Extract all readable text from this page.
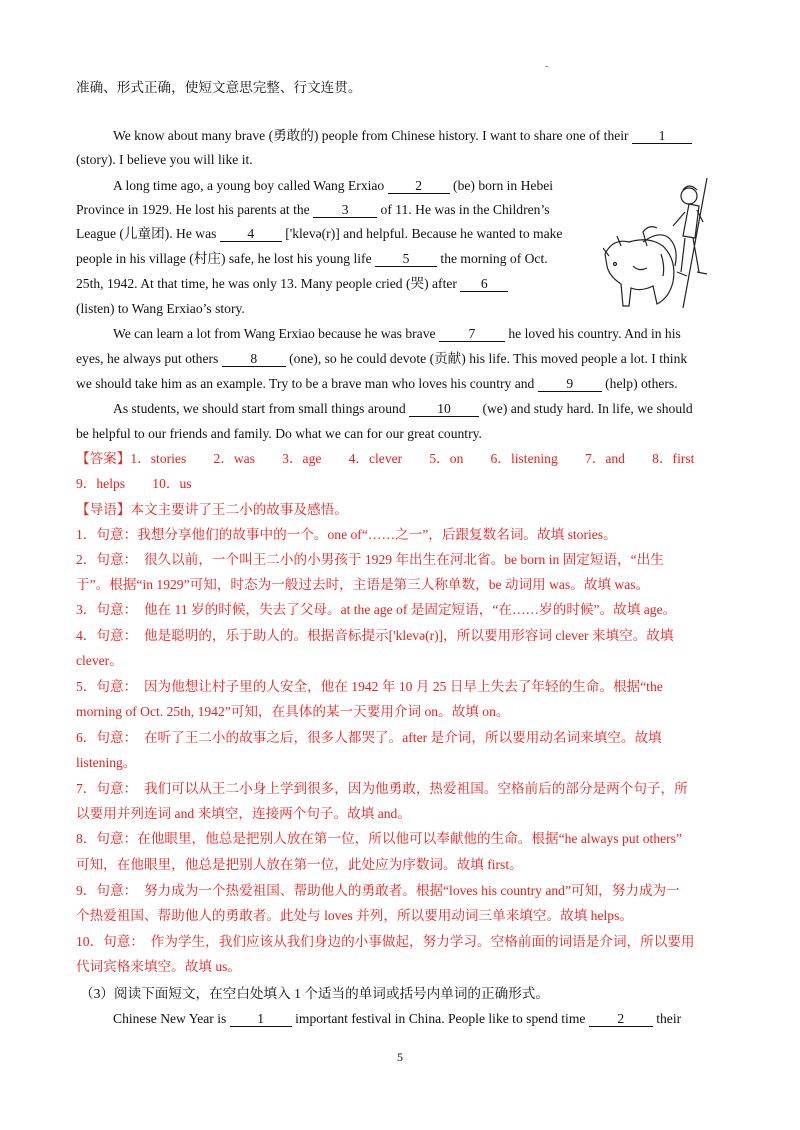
准确、形式正确，使短文意思完整、行文连贯。
We know about many brave (勇敢的) people from Chinese history. I want to share one of their 1
(story). I believe you will like it.
A long time ago, a young boy called Wang Erxiao 2 (be) born in Hebei
Province in 1929. He lost his parents at the 3 of 11. He was in the Children’s
League (儿童团). He was 4 ['klevə(r)] and helpful. Because he wanted to make
people in his village (村庄) safe, he lost his young life 5 the morning of Oct.
25th, 1942. At that time, he was only 13. Many people cried (哭) after 6
(listen) to Wang Erxiao’s story.
We can learn a lot from Wang Erxiao because he was brave 7 he loved his country. And in his
eyes, he always put others 8 (one), so he could devote (贡献) his life. This moved people a lot. I think
we should take him as an example. Try to be a brave man who loves his country and 9 (help) others.
As students, we should start from small things around 10 (we) and study hard. In life, we should
be helpful to our friends and family. Do what we can for our great country.
【答案】1．stories　　2．was　　3．age　　4．clever　　5．on　　6．listening　　7．and　　8．first
9．helps　　10．us
【导语】本文主要讲了王二小的故事及感悟。
1．句意：我想分享他们的故事中的一个。one of“……之一”，后跟复数名词。故填 stories。
2．句意：　很久以前，一个叫王二小的小男孩于 1929 年出生在河北省。be born in 固定短语，“出生
于”。根据“in 1929”可知，时态为一般过去时，主语是第三人称单数，be 动词用 was。故填 was。
3．句意：　他在 11 岁的时候，失去了父母。at the age of 是固定短语，“在……岁的时候”。故填 age。
4．句意：　他是聪明的，乐于助人的。根据音标提示['klevə(r)]，所以要用形容词 clever 来填空。故填
clever。
5．句意：　因为他想让村子里的人安全，他在 1942 年 10 月 25 日早上失去了年轻的生命。根据“the
morning of Oct. 25th, 1942”可知，在具体的某一天要用介词 on。故填 on。
6．句意：　在听了王二小的故事之后，很多人都哭了。after 是介词，所以要用动名词来填空。故填
listening。
7．句意：　我们可以从王二小身上学到很多，因为他勇敢，热爱祖国。空格前后的部分是两个句子，所
以要用并列连词 and 来填空，连接两个句子。故填 and。
8．句意：在他眼里，他总是把别人放在第一位，所以他可以奉献他的生命。根据“he always put others”
可知，在他眼里，他总是把别人放在第一位，此处应为序数词。故填 first。
9．句意：　努力成为一个热爱祖国、帮助他人的勇敢者。根据“loves his country and”可知，努力成为一
个热爱祖国、帮助他人的勇敢者。此处与 loves 并列，所以要用动词三单来填空。故填 helps。
10．句意：　作为学生，我们应该从我们身边的小事做起，努力学习。空格前面的词语是介词，所以要用
代词宾格来填空。故填 us。
（3）阅读下面短文，在空白处填入 1 个适当的单词或括号内单词的正确形式。
Chinese New Year is 1 important festival in China. People like to spend time 2 their
5
